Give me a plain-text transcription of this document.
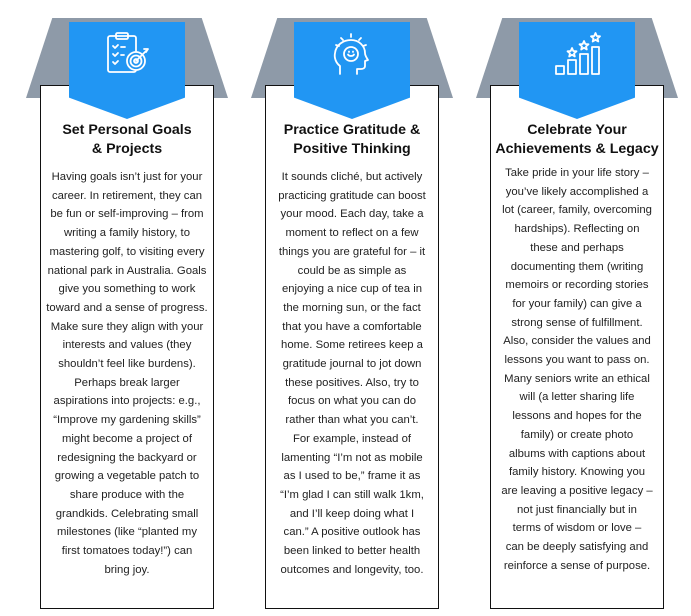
Set Personal Goals
& Projects

Having goals isn’t just for your
career. In retirement, they can
be fun or self-improving – from
writing a family history, to
mastering golf, to visiting every
national park in Australia. Goals
give you something to work
toward and a sense of progress.
Make sure they align with your
interests and values (they
shouldn’t feel like burdens).
Perhaps break larger
aspirations into projects: e.g.,
“Improve my gardening skills”
might become a project of
redesigning the backyard or
growing a vegetable patch to
share produce with the
grandkids. Celebrating small
milestones (like “planted my
first tomatoes today!”) can
bring joy.

Practice Gratitude &
Positive Thinking

It sounds cliché, but actively
practicing gratitude can boost
your mood. Each day, take a
moment to reflect on a few
things you are grateful for – it
could be as simple as
enjoying a nice cup of tea in
the morning sun, or the fact
that you have a comfortable
home. Some retirees keep a
gratitude journal to jot down
these positives. Also, try to
focus on what you can do
rather than what you can’t.
For example, instead of
lamenting “I’m not as mobile
as I used to be,” frame it as
“I’m glad I can still walk 1km,
and I’ll keep doing what I
can.” A positive outlook has
been linked to better health
outcomes and longevity, too.

Celebrate Your
Achievements & Legacy

Take pride in your life story –
you’ve likely accomplished a
lot (career, family, overcoming
hardships). Reflecting on
these and perhaps
documenting them (writing
memoirs or recording stories
for your family) can give a
strong sense of fulfillment.
Also, consider the values and
lessons you want to pass on.
Many seniors write an ethical
will (a letter sharing life
lessons and hopes for the
family) or create photo
albums with captions about
family history. Knowing you
are leaving a positive legacy –
not just financially but in
terms of wisdom or love –
can be deeply satisfying and
reinforce a sense of purpose.
